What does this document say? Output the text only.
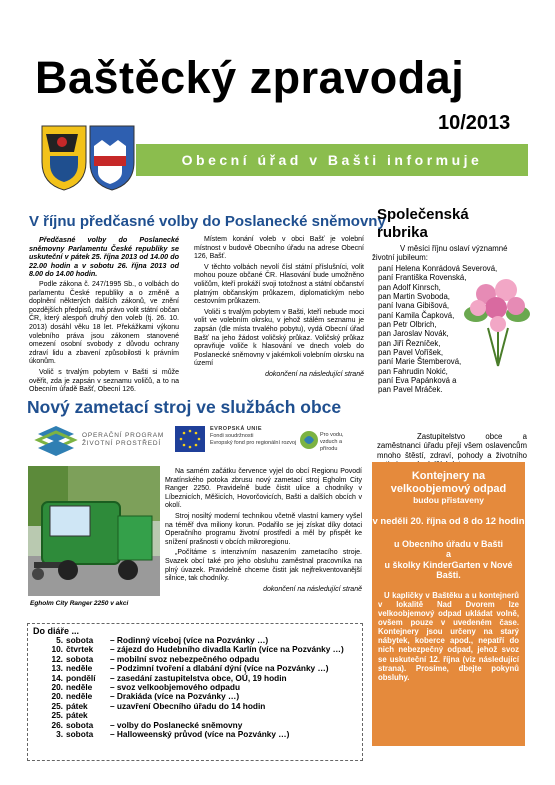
Baštěcký zpravodaj
10/2013
Obecní úřad v Bašti informuje
V říjnu předčasné volby do Poslanecké sněmovny
Předčasné volby do Poslanecké sněmovny Parlamentu České republiky se uskuteční v pátek 25. října 2013 od 14.00 do 22.00 hodin a v sobotu 26. října 2013 od 8.00 do 14.00 hodin.

Podle zákona č. 247/1995 Sb., o volbách do parlamentu České republiky a o změně a doplnění některých dalších zákonů, ve znění pozdějších předpisů, má právo volit státní občan ČR, který alespoň druhý den voleb (tj. 26. 10. 2013) dosáhl věku 18 let. Překážkami výkonu volebního práva jsou zákonem stanovené omezení osobní svobody z důvodu ochrany zdraví lidu a zbavení způsobilosti k právním úkonům.

Volič s trvalým pobytem v Bašti si může ověřit, zda je zapsán v seznamu voličů, a to na Obecním úřadě Bašť, Obecní 126.

Místem konání voleb v obci Bašť je volební místnost v budově Obecního úřadu na adrese Obecní 126, Bašť.

V těchto volbách nevolí čísl státní příslušníci, volit mohou pouze občané ČR. Hlasování bude umožněno voličům, kteří prokáží svoji totožnost a státní občanství platným občanským průkazem, diplomatickým nebo cestovním průkazem.

Voliči s trvalým pobytem v Bašti, kteří nebude moci volit ve volebním okrsku, v jehož stálém seznamu je zapsán (dle místa trvalého pobytu), vydá Obecní úřad Bašť na jeho žádost voličský průkaz. Voličský průkaz opravňuje voliče k hlasování ve dnech voleb do Poslanecké sněmovny v jakémkoli volebním okrsku na území

dokončení na následující straně
Společenská rubrika
V měsíci říjnu oslaví významné životní jubileum:
paní Helena Konrádová Severová,
paní Františka Rovenská,
pan Adolf Kinrsch,
pan Martin Svoboda,
paní Ivana Gibišová,
paní Kamila Čapková,
pan Petr Olbrich,
pan Jaroslav Novák,
pan Jiří Řezníček,
pan Pavel Voříšek,
paní Marie Štemberová,
pan Fahrudin Nokić,
paní Eva Papánková a
pan Pavel Mráček.
Zastupitelstvo obce a zaměstnanci úřadu přejí všem oslavencům mnoho štěstí, zdraví, pohody a životního
Nový zametací stroj ve službách obce
OPERAČNÍ PROGRAM
ŽIVOTNÍ PROSTŘEDÍ
EVROPSKÁ UNIE
Fondi soudržnosti
Evropský fond pro regionální rozvoj
Pro vodu,
vzduch a přírodu
Egholm City Ranger 2250 v akci

Na samém začátku července vyjel do obcí Regionu Povodí Mratínského potoka zbrusu nový zametací stroj Egholm City Ranger 2250. Pravidelně bude čistit ulice a chodníky v Líbeznicích, Měšicích, Hovorčovicích, Bašti a dalších obcích v okolí.

Stroj nosiltý moderní technikou včetně vlastní kamery vyšel na téměř dva miliony korun. Podařilo se jej získat díky dotaci Operačního programu životní prostředí a měl by přispět ke snížení prašnosti v obcích mikroregionu.

„Počítáme s intenzivním nasazením zametacího stroje. Svazek obcí také pro jeho obsluhu zaměstnal pracovníka na plný úvazek. Pravidelně chceme čistit jak nejfrekventovanější silnice, tak chodníky.

dokončení na následující straně
Kontejnery na velkoobjemový odpad
budou přistaveny
v neděli 20. října od 8 do 12 hodin
u Obecního úřadu v Bašti
a
u školky KinderGarten v Nové Bašti.
U kapličky v Baštěku a u kontejnerů v lokalitě Nad Dvorem lze velkoobjemový odpad ukládat volně, ovšem pouze v uvedeném čase. Kontejnery jsou určeny na starý nábytek, koberce apod., nepatří do nich nebezpečný odpad, jehož svoz se uskuteční 12. října (viz následující strana). Prosíme, dbejte pokynů obsluhy.
Do diáře ...
5. sobota – Rodinný víceboj (více na Pozvánky …)
10. čtvrtek – zájezd do Hudebního divadla Karlín (více na Pozvánky …)
12. sobota – mobilní svoz nebezpečného odpadu
13. neděle – Podzimní tvoření a dlabání dýní (více na Pozvánky …)
14. pondělí – zasedání zastupitelstva obce, OÚ, 19 hodin
20. neděle – svoz velkoobjemového odpadu
20. neděle – Drakiáda (více na Pozvánky …)
25. pátek	– uzavření Obecního úřadu do 14 hodin
25. pátek
26. sobota – volby do Poslanecké sněmovny
3. sobota – Halloweenský průvod (více na Pozvánky …)
